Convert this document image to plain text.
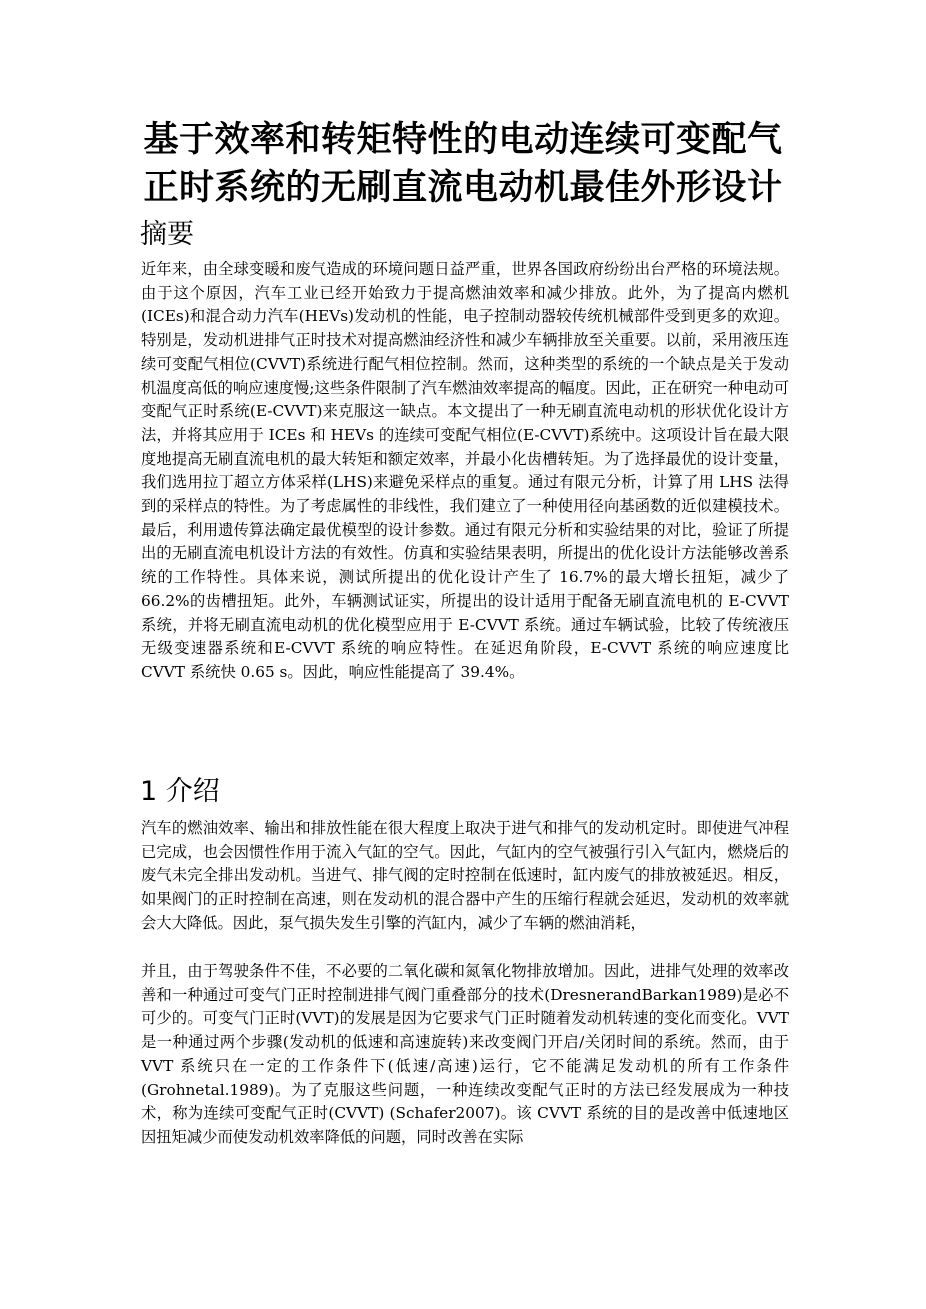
基于效率和转矩特性的电动连续可变配气
正时系统的无刷直流电动机最佳外形设计
摘要
近年来，由全球变暖和废气造成的环境问题日益严重，世界各国政府纷纷出台严格的环境法规。由于这个原因，汽车工业已经开始致力于提高燃油效率和减少排放。此外，为了提高内燃机(ICEs)和混合动力汽车(HEVs)发动机的性能，电子控制动器较传统机械部件受到更多的欢迎。特别是，发动机进排气正时技术对提高燃油经济性和减少车辆排放至关重要。以前，采用液压连续可变配气相位(CVVT)系统进行配气相位控制。然而，这种类型的系统的一个缺点是关于发动机温度高低的响应速度慢;这些条件限制了汽车燃油效率提高的幅度。因此，正在研究一种电动可变配气正时系统(E-CVVT)来克服这一缺点。本文提出了一种无刷直流电动机的形状优化设计方法，并将其应用于 ICEs 和 HEVs 的连续可变配气相位(E-CVVT)系统中。这项设计旨在最大限度地提高无刷直流电机的最大转矩和额定效率，并最小化齿槽转矩。为了选择最优的设计变量，我们选用拉丁超立方体采样(LHS)来避免采样点的重复。通过有限元分析，计算了用 LHS 法得到的采样点的特性。为了考虑属性的非线性，我们建立了一种使用径向基函数的近似建模技术。最后，利用遗传算法确定最优模型的设计参数。通过有限元分析和实验结果的对比，验证了所提出的无刷直流电机设计方法的有效性。仿真和实验结果表明，所提出的优化设计方法能够改善系统的工作特性。具体来说，测试所提出的优化设计产生了 16.7%的最大增长扭矩，减少了 66.2%的齿槽扭矩。此外，车辆测试证实，所提出的设计适用于配备无刷直流电机的 E-CVVT 系统，并将无刷直流电动机的优化模型应用于 E-CVVT 系统。通过车辆试验，比较了传统液压无级变速器系统和E-CVVT 系统的响应特性。在延迟角阶段，E-CVVT 系统的响应速度比 CVVT 系统快 0.65 s。因此，响应性能提高了 39.4%。
1 介绍
汽车的燃油效率、输出和排放性能在很大程度上取决于进气和排气的发动机定时。即使进气冲程已完成，也会因惯性作用于流入气缸的空气。因此，气缸内的空气被强行引入气缸内，燃烧后的废气未完全排出发动机。当进气、排气阀的定时控制在低速时，缸内废气的排放被延迟。相反，如果阀门的正时控制在高速，则在发动机的混合器中产生的压缩行程就会延迟，发动机的效率就会大大降低。因此，泵气损失发生引擎的汽缸内，减少了车辆的燃油消耗，
并且，由于驾驶条件不佳，不必要的二氧化碳和氮氧化物排放增加。因此，进排气处理的效率改善和一种通过可变气门正时控制进排气阀门重叠部分的技术(DresnerandBarkan1989)是必不可少的。可变气门正时(VVT)的发展是因为它要求气门正时随着发动机转速的变化而变化。VVT 是一种通过两个步骤(发动机的低速和高速旋转)来改变阀门开启/关闭时间的系统。然而，由于 VVT 系统只在一定的工作条件下(低速/高速)运行，它不能满足发动机的所有工作条件(Grohnetal.1989)。为了克服这些问题，一种连续改变配气正时的方法已经发展成为一种技术，称为连续可变配气正时(CVVT) (Schafer2007)。该 CVVT 系统的目的是改善中低速地区因扭矩减少而使发动机效率降低的问题，同时改善在实际
